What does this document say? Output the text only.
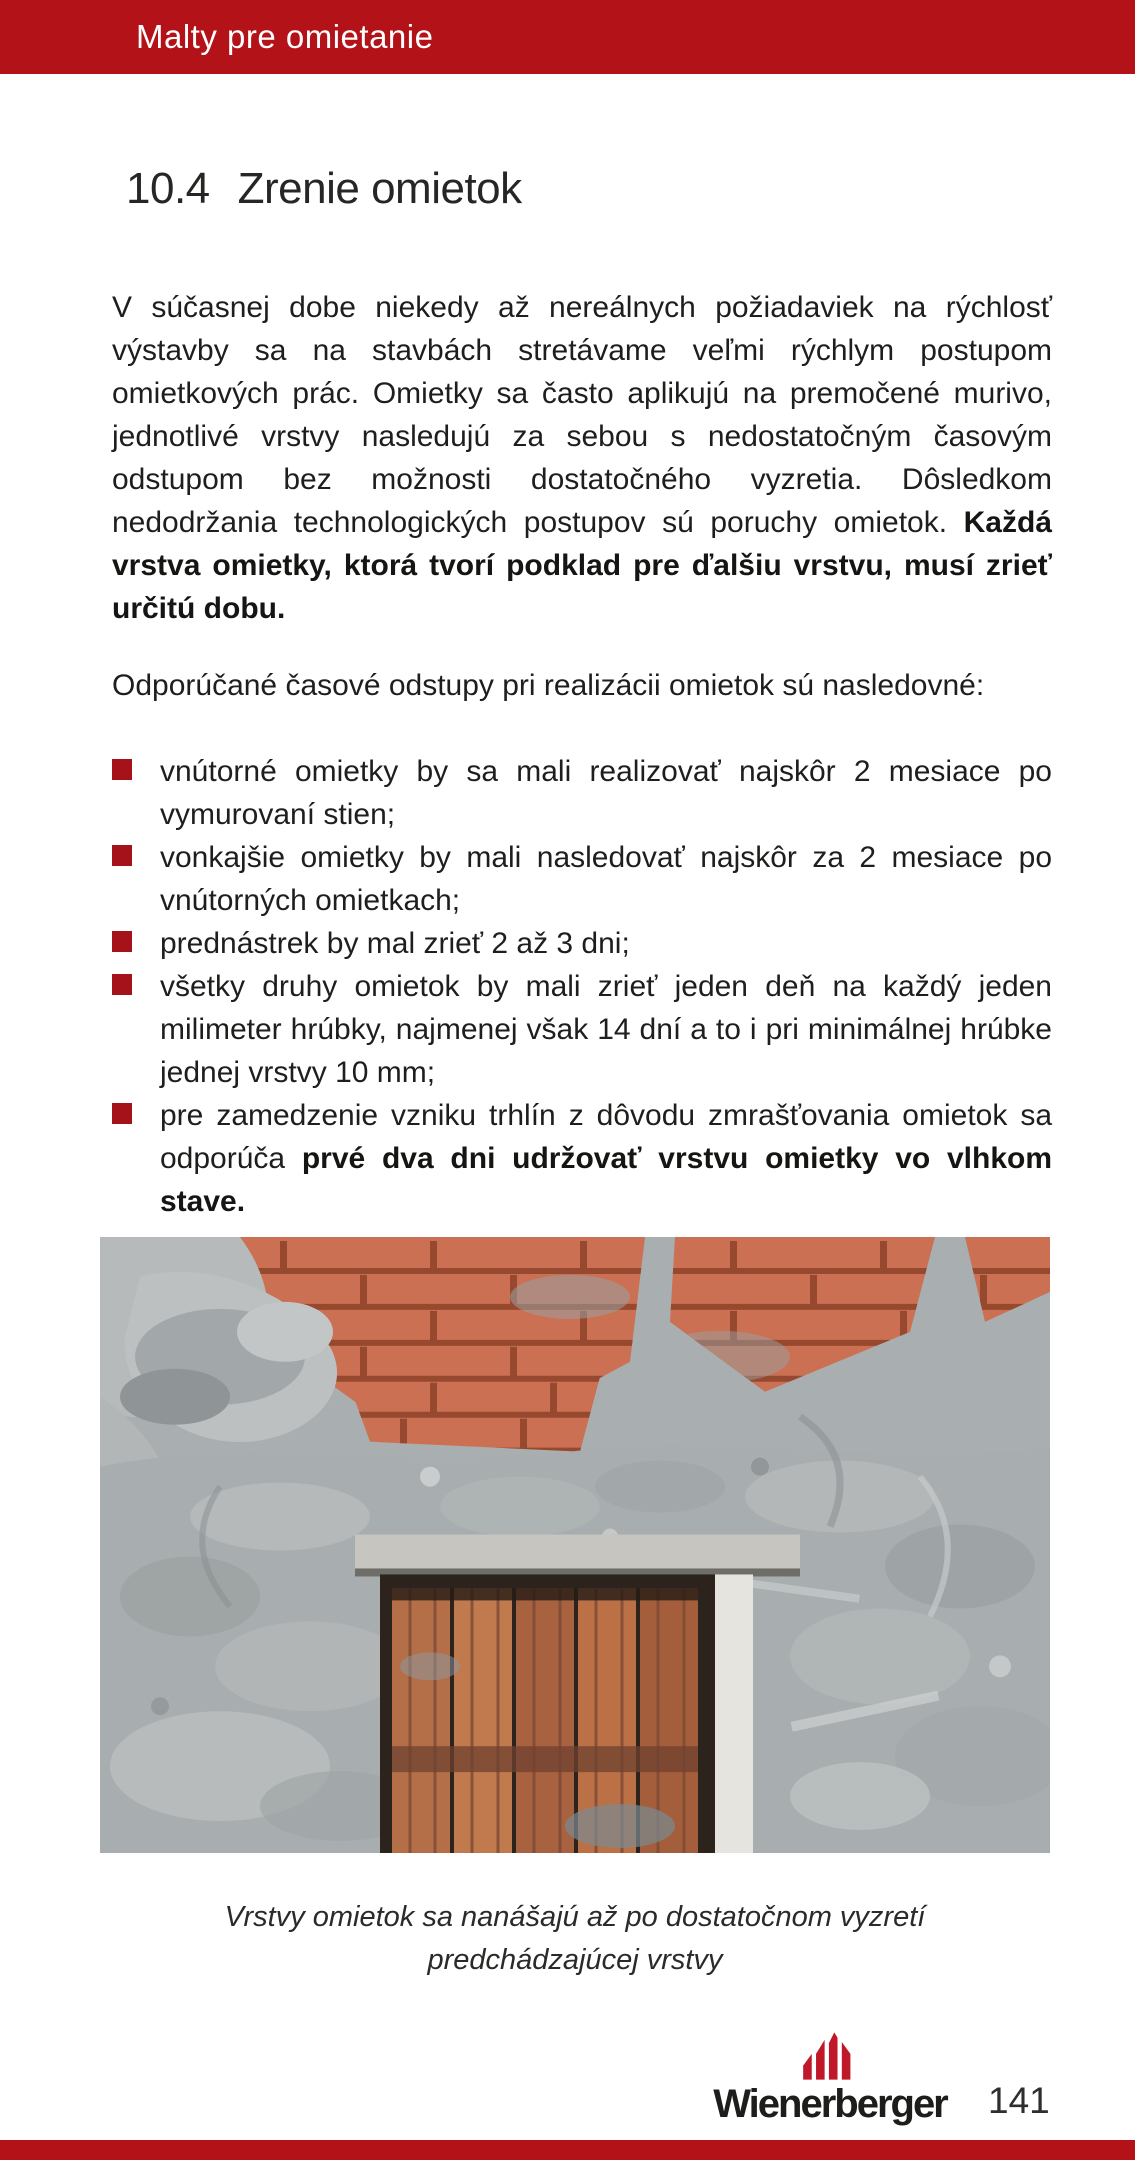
Malty pre omietanie
10.4 Zrenie omietok
V súčasnej dobe niekedy až nereálnych požiadaviek na rýchlosť výstavby sa na stavbách stretávame veľmi rýchlym postupom omietkových prác. Omietky sa často aplikujú na premočené murivo, jednotlivé vrstvy nasledujú za sebou s nedostatočným časovým odstupom bez možnosti dostatočného vyzretia. Dôsledkom nedodržania technologických postupov sú poruchy omietok. Každá vrstva omietky, ktorá tvorí podklad pre ďalšiu vrstvu, musí zrieť určitú dobu.
Odporúčané časové odstupy pri realizácii omietok sú nasledovné:
vnútorné omietky by sa mali realizovať najskôr 2 mesiace po vymurovaní stien;
vonkajšie omietky by mali nasledovať najskôr za 2 mesiace po vnútorných omietkach;
prednástrek by mal zrieť 2 až 3 dni;
všetky druhy omietok by mali zrieť jeden deň na každý jeden milimeter hrúbky, najmenej však 14 dní a to i pri minimálnej hrúbke jednej vrstvy 10 mm;
pre zamedzenie vzniku trhlín z dôvodu zmrašťovania omietok sa odporúča prvé dva dni udržovať vrstvu omietky vo vlhkom stave.
Vrstvy omietok sa nanášajú až po dostatočnom vyzretí predchádzajúcej vrstvy
Wienerberger 141
